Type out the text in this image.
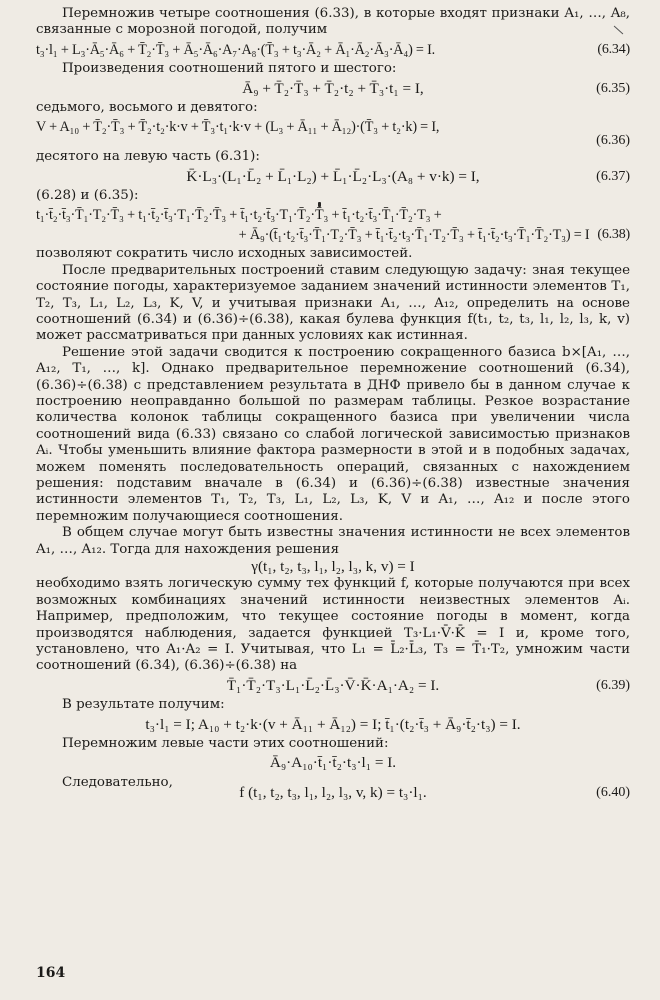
Перемножив четыре соотношения (6.33), в которые входят признаки A₁, …, A₈, связанные с морозной погодой, получим

t₃·l₁ + L₃·Ā₅·Ā₆ + T̄₂·T̄₃ + Ā₅·Ā₆·A₇·A₈·(T̄₃ + t₃·Ā₂ + Ā₁·Ā₂·Ā₃·Ā₄) = I.	(6.34)

Произведения соотношений пятого и шестого:

Ā₉ + T̄₂·T̄₃ + T̄₂·t₂ + T̄₃·t₁ = I,	(6.35)

седьмого, восьмого и девятого:

V + A₁₀ + T̄₂·T̄₃ + T̄₂·t₂·k·v + T̄₃·t₁·k·v + (L₃ + Ā₁₁ + Ā₁₂)·(T̄₃ + t₂·k) = I,
(6.36)

десятого на левую часть (6.31):

K̄·L₃·(L₁·L̄₂ + L̄₁·L₂) + L̄₁·L̄₂·L₃·(A₈ + v·k) = I,	(6.37)

(6.28) и (6.35):

t₁·t̄₂·t̄₃·T̄₁·T₂·T̄₃ + t₁·t̄₂·t̄₃·T₁·T̄₂·T̄₃ + t̄₁·t₂·t̄₃·T₁·T̄₂·T̄₃ + t̄₁·t₂·t̄₃·T̄₁·T̄₂·T₃ +
+ Ā₉·(t̄₁·t₂·t̄₃·T̄₁·T₂·T̄₃ + t̄₁·t̄₂·t₃·T̄₁·T₂·T̄₃ + t̄₁·t̄₂·t₃·T̄₁·T̄₂·T₃) = I (6.38)

позволяют сократить число исходных зависимостей.

После предварительных построений ставим следующую задачу: зная текущее состояние погоды, характеризуемое заданием значений истинности элементов T₁, T₂, T₃, L₁, L₂, L₃, K, V, и учитывая признаки A₁, …, A₁₂, определить на основе соотношений (6.34) и (6.36)÷(6.38), какая булева функция f(t₁, t₂, t₃, l₁, l₂, l₃, k, v) может рассматриваться при данных условиях как истинная.

Решение этой задачи сводится к построению сокращенного базиса b×[A₁, …, A₁₂, T₁, …, k]. Однако предварительное перемножение соотношений (6.34), (6.36)÷(6.38) с представлением результата в ДНФ привело бы в данном случае к построению неоправданно большой по размерам таблицы. Резкое возрастание количества колонок таблицы сокращенного базиса при увеличении числа соотношений вида (6.33) связано со слабой логической зависимостью признаков Aᵢ. Чтобы уменьшить влияние фактора размерности в этой и в подобных задачах, можем поменять последовательность операций, связанных с нахождением решения: подставим вначале в (6.34) и (6.36)÷(6.38) известные значения истинности элементов T₁, T₂, T₃, L₁, L₂, L₃, K, V и A₁, …, A₁₂ и после этого перемножим получающиеся соотношения.

В общем случае могут быть известны значения истинности не всех элементов A₁, …, A₁₂. Тогда для нахождения решения

γ(t₁, t₂, t₃, l₁, l₂, l₃, k, v) = I

необходимо взять логическую сумму тех функций f, которые получаются при всех возможных комбинациях значений истинности неизвестных элементов Aᵢ. Например, предположим, что текущее состояние погоды в момент, когда производятся наблюдения, задается функцией T₃·L₁·V̄·K̄ = I и, кроме того, установлено, что A₁·A₂ = I. Учитывая, что L₁ = L̄₂·L̄₃, T₃ = T̄₁·T₂, умножим части соотношений (6.34), (6.36)÷(6.38) на

T̄₁·T̄₂·T₃·L₁·L̄₂·L̄₃·V̄·K̄·A₁·A₂ = I.	(6.39)

В результате получим:

t₃·l₁ = I; A₁₀ + t₂·k·(v + Ā₁₁ + Ā₁₂) = I; t̄₁·(t₂·t̄₃ + Ā₉·t̄₂·t₃) = I.

Перемножим левые части этих соотношений:

Ā₉·A₁₀·t̄₁·t̄₂·t₃·l₁ = I.

Следовательно,

f (t₁, t₂, t₃, l₁, l₂, l₃, v, k) = t₃·l₁.	(6.40)
164
